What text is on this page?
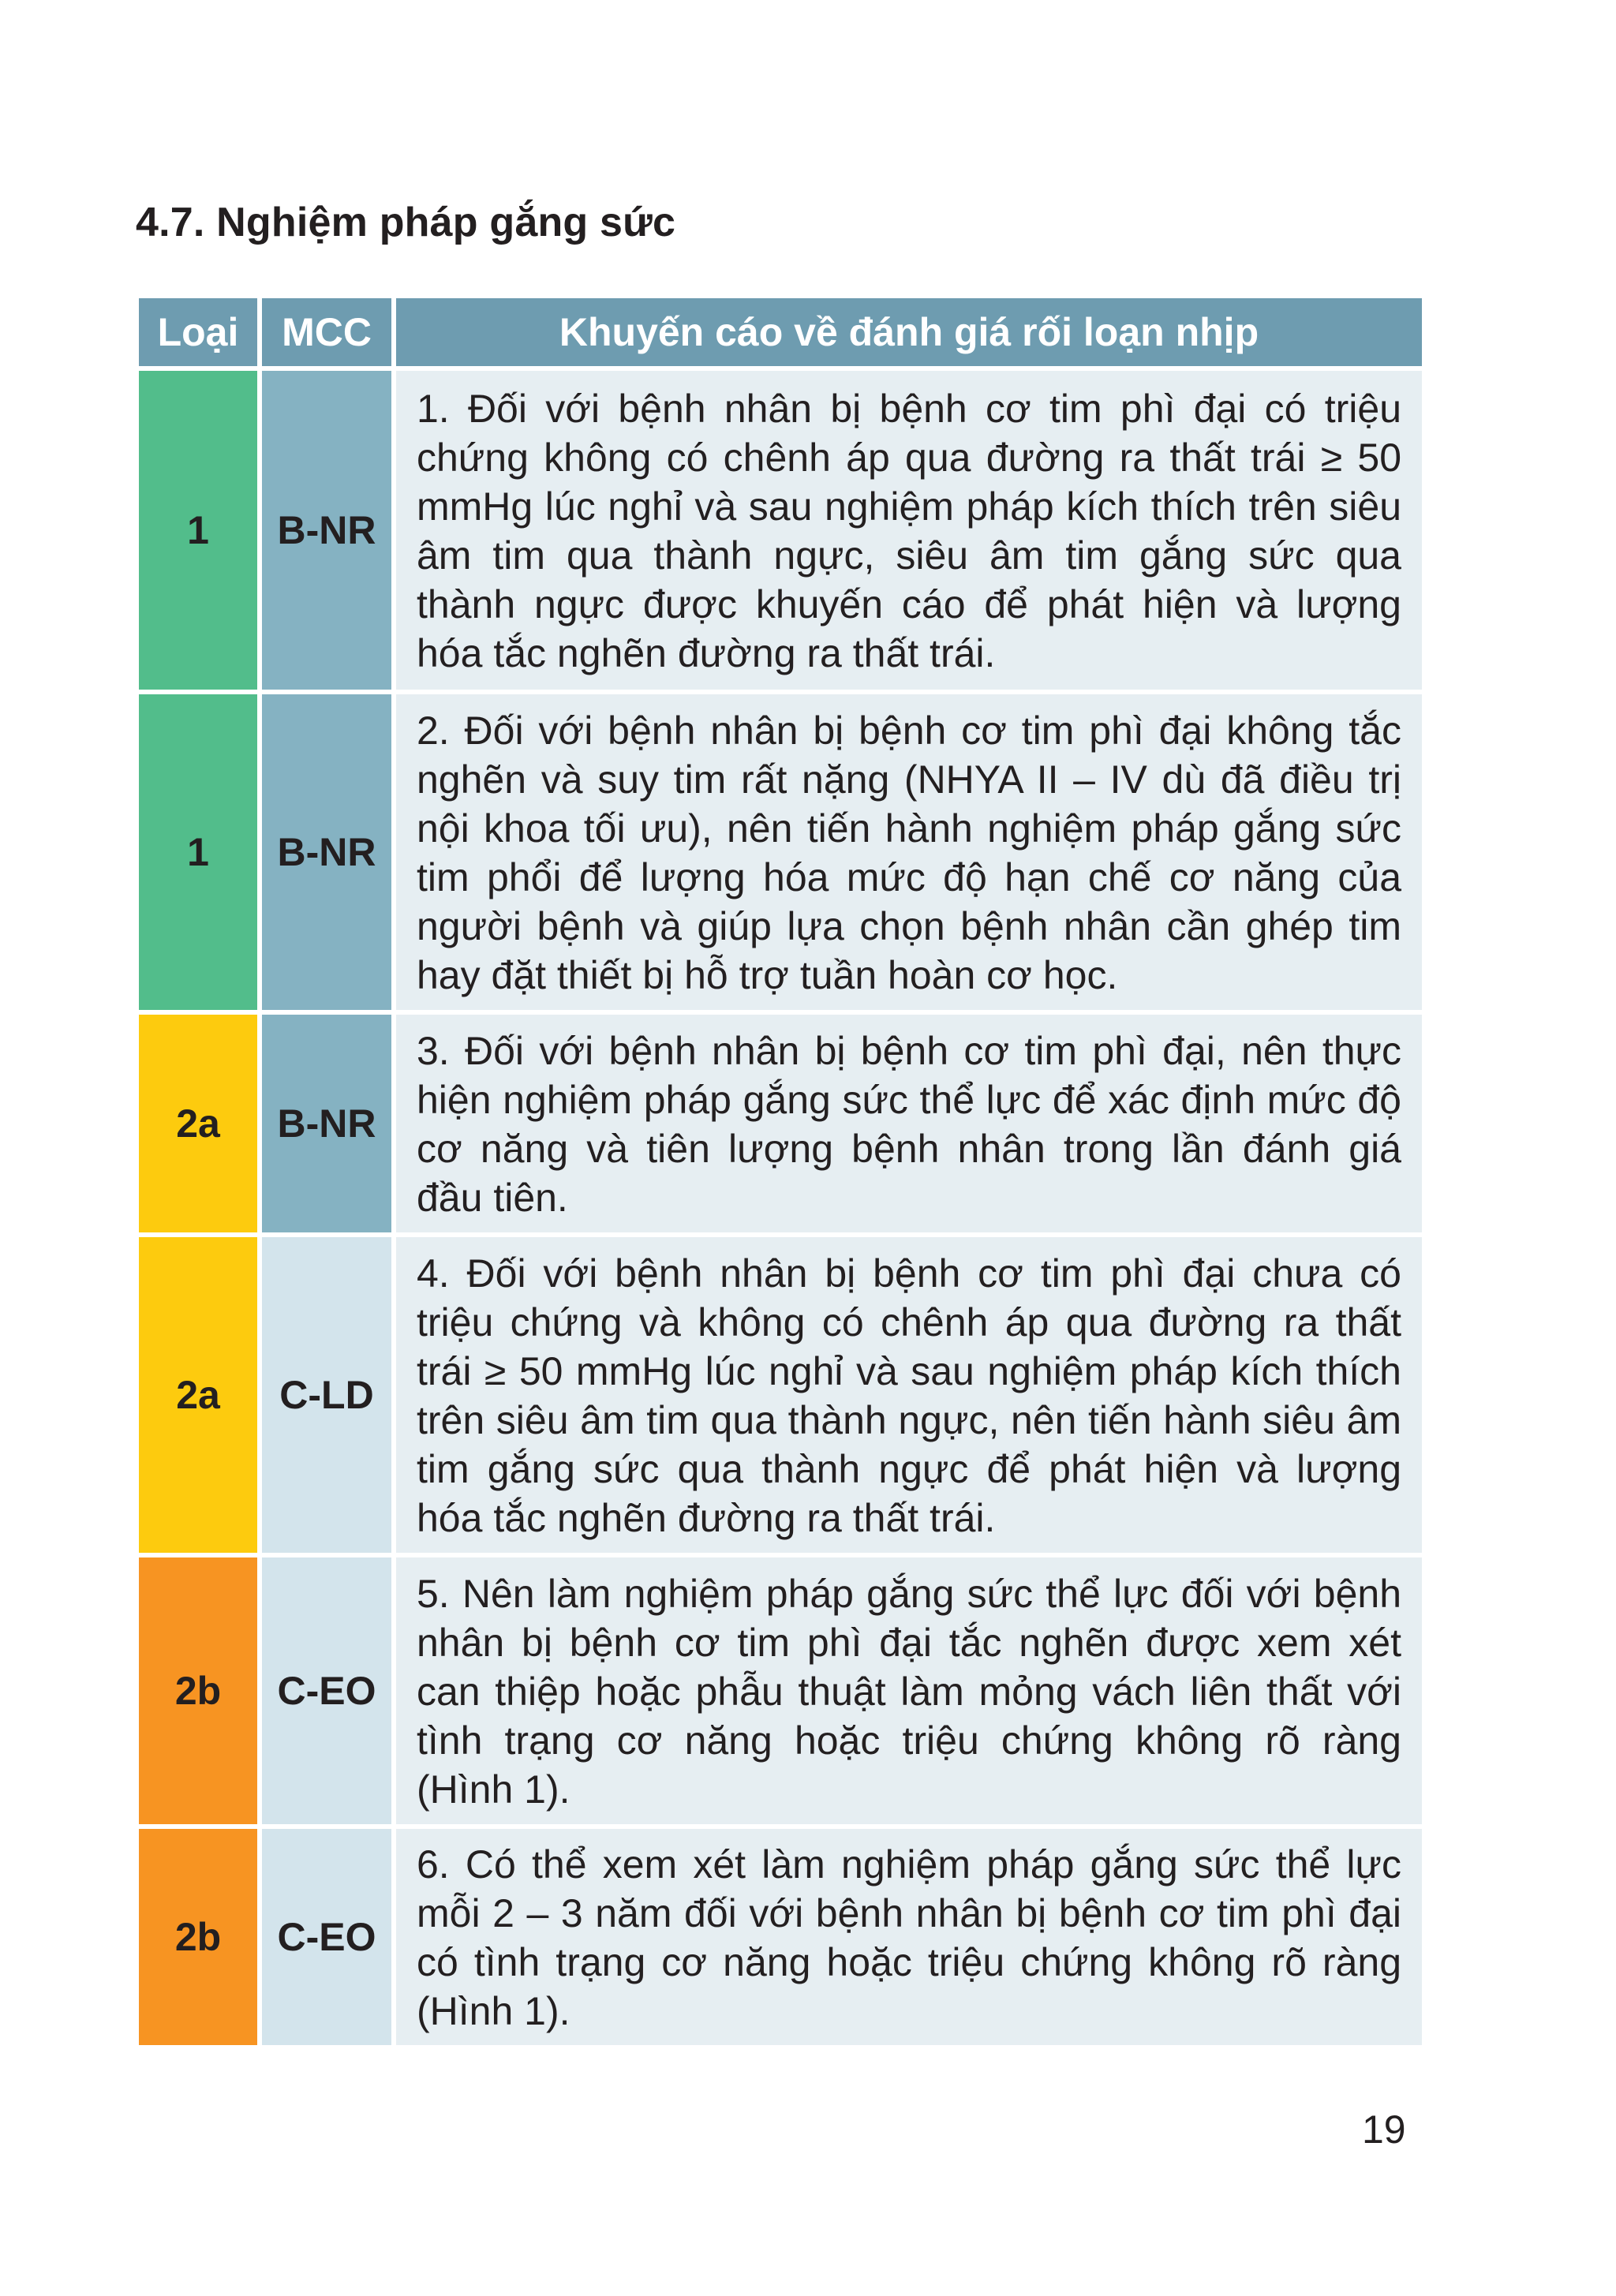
4.7. Nghiệm pháp gắng sức
Loại	MCC	Khuyến cáo về đánh giá rối loạn nhịp
1	B-NR	1. Đối với bệnh nhân bị bệnh cơ tim phì đại có triệu chứng không có chênh áp qua đường ra thất trái ≥ 50 mmHg lúc nghỉ và sau nghiệm pháp kích thích trên siêu âm tim qua thành ngực, siêu âm tim gắng sức qua thành ngực được khuyến cáo để phát hiện và lượng hóa tắc nghẽn đường ra thất trái.
1	B-NR	2. Đối với bệnh nhân bị bệnh cơ tim phì đại không tắc nghẽn và suy tim rất nặng (NHYA II – IV dù đã điều trị nội khoa tối ưu), nên tiến hành nghiệm pháp gắng sức tim phổi để lượng hóa mức độ hạn chế cơ năng của người bệnh và giúp lựa chọn bệnh nhân cần ghép tim hay đặt thiết bị hỗ trợ tuần hoàn cơ học.
2a	B-NR	3. Đối với bệnh nhân bị bệnh cơ tim phì đại, nên thực hiện nghiệm pháp gắng sức thể lực để xác định mức độ cơ năng và tiên lượng bệnh nhân trong lần đánh giá đầu tiên.
2a	C-LD	4. Đối với bệnh nhân bị bệnh cơ tim phì đại chưa có triệu chứng và không có chênh áp qua đường ra thất trái ≥ 50 mmHg lúc nghỉ và sau nghiệm pháp kích thích trên siêu âm tim qua thành ngực, nên tiến hành siêu âm tim gắng sức qua thành ngực để phát hiện và lượng hóa tắc nghẽn đường ra thất trái.
2b	C-EO	5. Nên làm nghiệm pháp gắng sức thể lực đối với bệnh nhân bị bệnh cơ tim phì đại tắc nghẽn được xem xét can thiệp hoặc phẫu thuật làm mỏng vách liên thất với tình trạng cơ năng hoặc triệu chứng không rõ ràng (Hình 1).
2b	C-EO	6. Có thể xem xét làm nghiệm pháp gắng sức thể lực mỗi 2 – 3 năm đối với bệnh nhân bị bệnh cơ tim phì đại có tình trạng cơ năng hoặc triệu chứng không rõ ràng (Hình 1).
19
